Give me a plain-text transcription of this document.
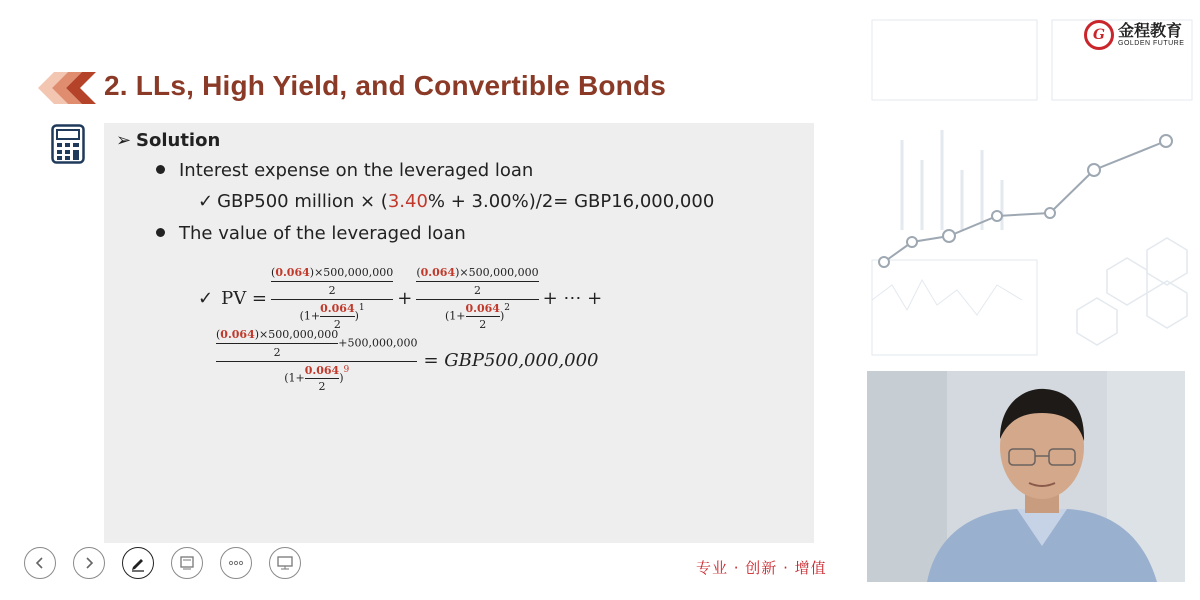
2. LLs, High Yield, and Convertible Bonds
➢ Solution
Interest expense on the leveraged loan
✓ GBP500 million × (3.40% + 3.00%)/2= GBP16,000,000
The value of the leveraged loan
✓ PV = $\frac{\frac{(0.064)\times 500,000,000}{2}}{(1+ \frac{0.064}{2} )^1} + \frac{\frac{(0.064)\times 500,000,000}{2}}{(1+ \frac{0.064}{2} )^2}$ + ⋯ +
$\frac{\frac{(0.064)\times 500,000,000}{2} +500,000,000}{(1+ \frac{0.064}{2} )^9} = GBP500,000,000$
G 金程教育
GOLDEN FUTURE
专业 · 创新 · 增值
